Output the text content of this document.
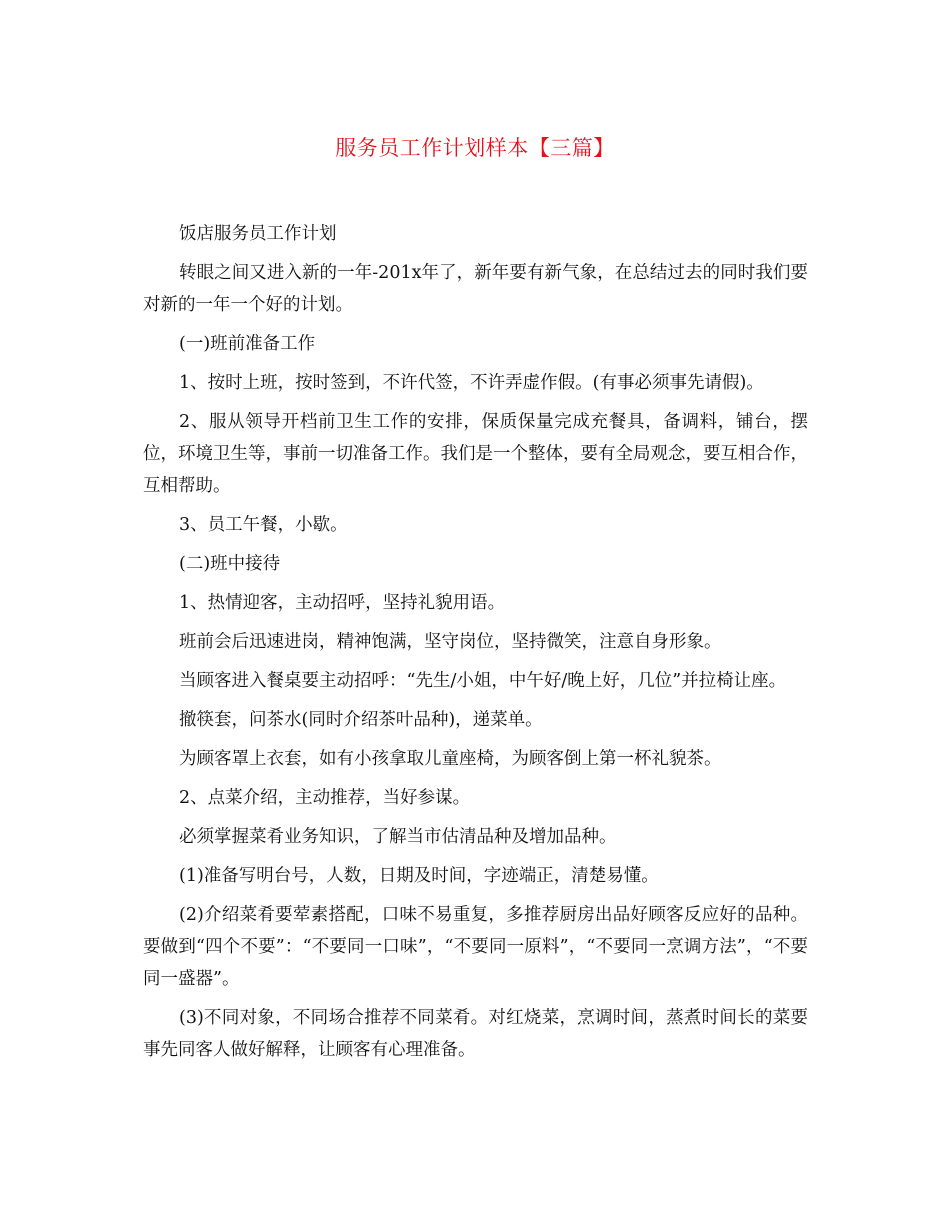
服务员工作计划样本【三篇】

饭店服务员工作计划

转眼之间又进入新的一年-201x年了，新年要有新气象，在总结过去的同时我们要对新的一年一个好的计划。

(一)班前准备工作

1、按时上班，按时签到，不许代签，不许弄虚作假。(有事必须事先请假)。

2、服从领导开档前卫生工作的安排，保质保量完成充餐具，备调料，铺台，摆位，环境卫生等，事前一切准备工作。我们是一个整体，要有全局观念，要互相合作，互相帮助。

3、员工午餐，小歇。

(二)班中接待

1、热情迎客，主动招呼，坚持礼貌用语。

班前会后迅速进岗，精神饱满，坚守岗位，坚持微笑，注意自身形象。

当顾客进入餐桌要主动招呼：“先生/小姐，中午好/晚上好，几位”并拉椅让座。

撤筷套，问茶水(同时介绍茶叶品种)，递菜单。

为顾客罩上衣套，如有小孩拿取儿童座椅，为顾客倒上第一杯礼貌茶。

2、点菜介绍，主动推荐，当好参谋。

必须掌握菜肴业务知识，了解当市估清品种及增加品种。

(1)准备写明台号，人数，日期及时间，字迹端正，清楚易懂。

(2)介绍菜肴要荤素搭配，口味不易重复，多推荐厨房出品好顾客反应好的品种。要做到“四个不要”：“不要同一口味”，“不要同一原料”，“不要同一烹调方法”，“不要同一盛器”。

(3)不同对象，不同场合推荐不同菜肴。对红烧菜，烹调时间，蒸煮时间长的菜要事先同客人做好解释，让顾客有心理准备。
